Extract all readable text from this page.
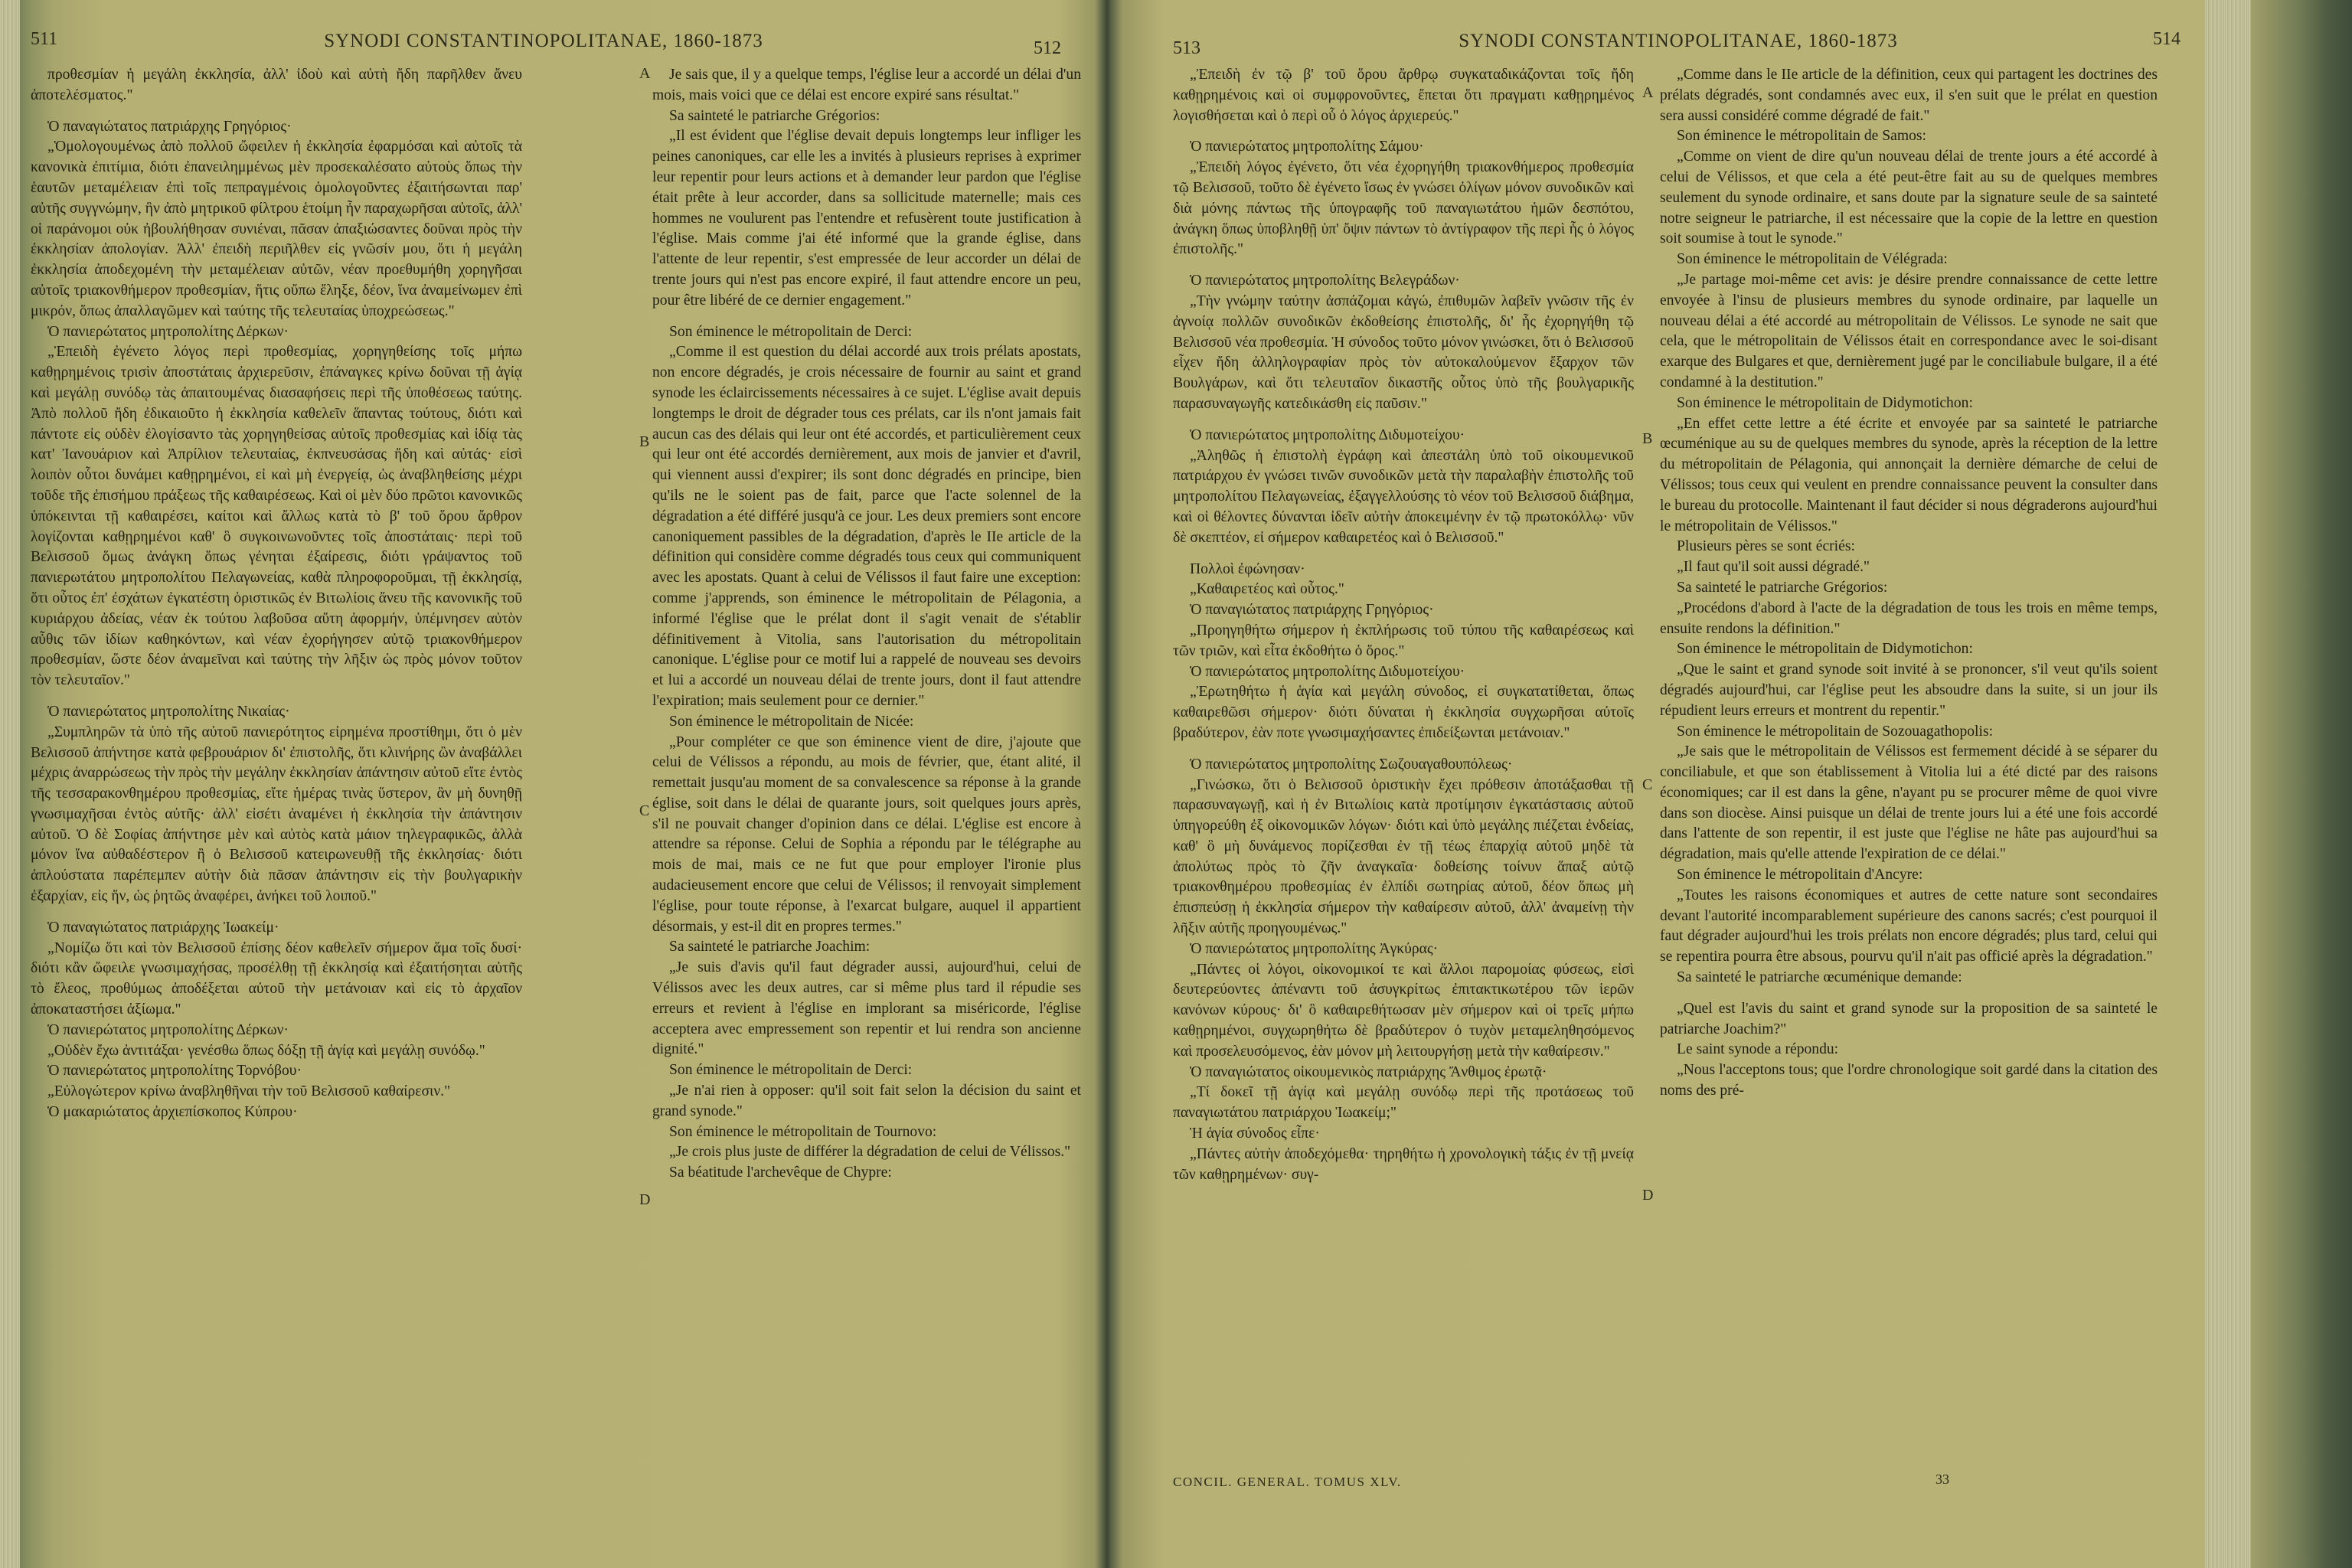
511	SYNODI CONSTANTINOPOLITANAE, 1860-1873	512

προθεσμίαν ἡ μεγάλη ἐκκλησία, ἀλλ' ἰδοὺ καὶ αὐτὴ ἤδη παρῆλθεν ἄνευ ἀποτελέσματος."

Ὁ παναγιώτατος πατριάρχης Γρηγόριος·

„Ὁμολογουμένως ἀπὸ πολλοῦ ὤφειλεν ἡ ἐκκλησία ἐφαρμόσαι καὶ αὐτοῖς τὰ κανονικὰ ἐπιτίμια, διότι ἐπανειλημμένως μὲν προσεκαλέσατο αὐτοὺς ὅπως τὴν ἑαυτῶν μεταμέλειαν ἐπὶ τοῖς πεπραγμένοις ὁμολογοῦντες ἐξαιτήσωνται παρ' αὐτῆς συγγνώμην, ἣν ἀπὸ μητρικοῦ φίλτρου ἑτοίμη ἦν παραχωρῆσαι αὐτοῖς, ἀλλ' οἱ παράνομοι οὐκ ἠβουλήθησαν συνιέναι, πᾶσαν ἀπαξιώσαντες δοῦναι πρὸς τὴν ἐκκλησίαν ἀπολογίαν. Ἀλλ' ἐπειδὴ περιῆλθεν εἰς γνῶσίν μου, ὅτι ἡ μεγάλη ἐκκλησία ἀποδεχομένη τὴν μεταμέλειαν αὐτῶν, νέαν προεθυμήθη χορηγῆσαι αὐτοῖς τριακονθήμερον προθεσμίαν, ἥτις οὔπω ἔληξε, δέον, ἵνα ἀναμείνωμεν ἐπὶ μικρόν, ὅπως ἀπαλλαγῶμεν καὶ ταύτης τῆς τελευταίας ὑποχρεώσεως."

Ὁ πανιερώτατος μητροπολίτης Δέρκων·

„Ἐπειδὴ ἐγένετο λόγος περὶ προθεσμίας, χορηγηθείσης τοῖς μήπω καθῃρημένοις τρισὶν ἀποστάταις ἀρχιερεῦσιν, ἐπάναγκες κρίνω δοῦναι τῇ ἁγίᾳ καὶ μεγάλῃ συνόδῳ τὰς ἀπαιτουμένας διασαφήσεις περὶ τῆς ὑποθέσεως ταύτης. Ἀπὸ πολλοῦ ἤδη ἐδικαιοῦτο ἡ ἐκκλησία καθελεῖν ἅπαντας τούτους, διότι καὶ πάντοτε εἰς οὐδὲν ἐλογίσαντο τὰς χορηγηθείσας αὐτοῖς προθεσμίας καὶ ἰδίᾳ τὰς κατ' Ἰανουάριον καὶ Ἀπρίλιον τελευταίας, ἐκπνευσάσας ἤδη καὶ αὐτάς· εἰσὶ λοιπὸν οὗτοι δυνάμει καθῃρημένοι, εἰ καὶ μὴ ἐνεργείᾳ, ὡς ἀναβληθείσης μέχρι τοῦδε τῆς ἐπισήμου πράξεως τῆς καθαιρέσεως. Καὶ οἱ μὲν δύο πρῶτοι κανονικῶς ὑπόκεινται τῇ καθαιρέσει, καίτοι καὶ ἄλλως κατὰ τὸ β' τοῦ ὅρου ἄρθρον λογίζονται καθῃρημένοι καθ' ὃ συγκοινωνοῦντες τοῖς ἀποστάταις· περὶ τοῦ Βελισσοῦ ὅμως ἀνάγκη ὅπως γένηται ἐξαίρεσις, διότι γράψαντος τοῦ πανιερωτάτου μητροπολίτου Πελαγωνείας, καθὰ πληροφοροῦμαι, τῇ ἐκκλησίᾳ, ὅτι οὗτος ἐπ' ἐσχάτων ἐγκατέστη ὁριστικῶς ἐν Βιτωλίοις ἄνευ τῆς κανονικῆς τοῦ κυριάρχου ἀδείας, νέαν ἐκ τούτου λαβοῦσα αὕτη ἀφορμήν, ὑπέμνησεν αὐτὸν αὖθις τῶν ἰδίων καθηκόντων, καὶ νέαν ἐχορήγησεν αὐτῷ τριακονθήμερον προθεσμίαν, ὥστε δέον ἀναμεῖναι καὶ ταύτης τὴν λῆξιν ὡς πρὸς μόνον τοῦτον τὸν τελευταῖον."

Ὁ πανιερώτατος μητροπολίτης Νικαίας·

„Συμπληρῶν τὰ ὑπὸ τῆς αὐτοῦ πανιερότητος εἰρημένα προστίθημι, ὅτι ὁ μὲν Βελισσοῦ ἀπήντησε κατὰ φεβρουάριον δι' ἐπιστολῆς, ὅτι κλινήρης ὢν ἀναβάλλει μέχρις ἀναρρώσεως τὴν πρὸς τὴν μεγάλην ἐκκλησίαν ἀπάντησιν αὐτοῦ εἴτε ἐντὸς τῆς τεσσαρακονθημέρου προθεσμίας, εἴτε ἡμέρας τινὰς ὕστερον, ἂν μὴ δυνηθῇ γνωσιμαχῆσαι ἐντὸς αὐτῆς· ἀλλ' εἰσέτι ἀναμένει ἡ ἐκκλησία τὴν ἀπάντησιν αὐτοῦ. Ὁ δὲ Σοφίας ἀπήντησε μὲν καὶ αὐτὸς κατὰ μάιον τηλεγραφικῶς, ἀλλὰ μόνον ἵνα αὐθαδέστερον ἢ ὁ Βελισσοῦ κατειρωνευθῇ τῆς ἐκκλησίας· διότι ἀπλούστατα παρέπεμπεν αὐτὴν διὰ πᾶσαν ἀπάντησιν εἰς τὴν βουλγαρικὴν ἐξαρχίαν, εἰς ἥν, ὡς ῥητῶς ἀναφέρει, ἀνήκει τοῦ λοιποῦ."

Ὁ παναγιώτατος πατριάρχης Ἰωακείμ·

„Νομίζω ὅτι καὶ τὸν Βελισσοῦ ἐπίσης δέον καθελεῖν σήμερον ἅμα τοῖς δυσί· διότι κἂν ὤφειλε γνωσιμαχήσας, προσέλθῃ τῇ ἐκκλησίᾳ καὶ ἐξαιτήσηται αὐτῆς τὸ ἔλεος, προθύμως ἀποδέξεται αὐτοῦ τὴν μετάνοιαν καὶ εἰς τὸ ἀρχαῖον ἀποκαταστήσει ἀξίωμα."

Ὁ πανιερώτατος μητροπολίτης Δέρκων·

„Οὐδὲν ἔχω ἀντιτάξαι· γενέσθω ὅπως δόξῃ τῇ ἁγίᾳ καὶ μεγάλῃ συνόδῳ."

Ὁ πανιερώτατος μητροπολίτης Τορνόβου·

„Εὐλογώτερον κρίνω ἀναβληθῆναι τὴν τοῦ Βελισσοῦ καθαίρεσιν."

Ὁ μακαριώτατος ἀρχιεπίσκοπος Κύπρου·

A
B
C
D

Je sais que, il y a quelque temps, l'église leur a accordé un délai d'un mois, mais voici que ce délai est encore expiré sans résultat."

Sa sainteté le patriarche Grégorios:

„Il est évident que l'église devait depuis longtemps leur infliger les peines canoniques, car elle les a invités à plusieurs reprises à exprimer leur repentir pour leurs actions et à demander leur pardon que l'église était prête à leur accorder, dans sa sollicitude maternelle; mais ces hommes ne voulurent pas l'entendre et refusèrent toute justification à l'église. Mais comme j'ai été informé que la grande église, dans l'attente de leur repentir, s'est empressée de leur accorder un délai de trente jours qui n'est pas encore expiré, il faut attendre encore un peu, pour être libéré de ce dernier engagement."

Son éminence le métropolitain de Derci:

„Comme il est question du délai accordé aux trois prélats apostats, non encore dégradés, je crois nécessaire de fournir au saint et grand synode les éclaircissements nécessaires à ce sujet. L'église avait depuis longtemps le droit de dégrader tous ces prélats, car ils n'ont jamais fait aucun cas des délais qui leur ont été accordés, et particulièrement ceux qui leur ont été accordés dernièrement, aux mois de janvier et d'avril, qui viennent aussi d'expirer; ils sont donc dégradés en principe, bien qu'ils ne le soient pas de fait, parce que l'acte solennel de la dégradation a été différé jusqu'à ce jour. Les deux premiers sont encore canoniquement passibles de la dégradation, d'après le IIe article de la définition qui considère comme dégradés tous ceux qui communiquent avec les apostats. Quant à celui de Vélissos il faut faire une exception: comme j'apprends, son éminence le métropolitain de Pélagonia, a informé l'église que le prélat dont il s'agit venait de s'établir définitivement à Vitolia, sans l'autorisation du métropolitain canonique. L'église pour ce motif lui a rappelé de nouveau ses devoirs et lui a accordé un nouveau délai de trente jours, dont il faut attendre l'expiration; mais seulement pour ce dernier."

Son éminence le métropolitain de Nicée:

„Pour compléter ce que son éminence vient de dire, j'ajoute que celui de Vélissos a répondu, au mois de février, que, étant alité, il remettait jusqu'au moment de sa convalescence sa réponse à la grande église, soit dans le délai de quarante jours, soit quelques jours après, s'il ne pouvait changer d'opinion dans ce délai. L'église est encore à attendre sa réponse. Celui de Sophia a répondu par le télégraphe au mois de mai, mais ce ne fut que pour employer l'ironie plus audacieusement encore que celui de Vélissos; il renvoyait simplement l'église, pour toute réponse, à l'exarcat bulgare, auquel il appartient désormais, y est-il dit en propres termes."

Sa sainteté le patriarche Joachim:

„Je suis d'avis qu'il faut dégrader aussi, aujourd'hui, celui de Vélissos avec les deux autres, car si même plus tard il répudie ses erreurs et revient à l'église en implorant sa miséricorde, l'église acceptera avec empressement son repentir et lui rendra son ancienne dignité."

Son éminence le métropolitain de Derci:

„Je n'ai rien à opposer: qu'il soit fait selon la décision du saint et grand synode."

Son éminence le métropolitain de Tournovo:

„Je crois plus juste de différer la dégradation de celui de Vélissos."

Sa béatitude l'archevêque de Chypre:

513	SYNODI CONSTANTINOPOLITANAE, 1860-1873	514

„Ἐπειδὴ ἐν τῷ β' τοῦ ὅρου ἄρθρῳ συγκαταδικάζονται τοῖς ἤδη καθῃρημένοις καὶ οἱ συμφρονοῦντες, ἔπεται ὅτι πραγματι καθῃρημένος λογισθήσεται καὶ ὁ περὶ οὗ ὁ λόγος ἀρχιερεύς."

Ὁ πανιερώτατος μητροπολίτης Σάμου·

„Ἐπειδὴ λόγος ἐγένετο, ὅτι νέα ἐχορηγήθη τριακονθήμερος προθεσμία τῷ Βελισσοῦ, τοῦτο δὲ ἐγένετο ἴσως ἐν γνώσει ὀλίγων μόνον συνοδικῶν καὶ διὰ μόνης πάντως τῆς ὑπογραφῆς τοῦ παναγιωτάτου ἡμῶν δεσπότου, ἀνάγκη ὅπως ὑποβληθῇ ὑπ' ὄψιν πάντων τὸ ἀντίγραφον τῆς περὶ ἧς ὁ λόγος ἐπιστολῆς."

Ὁ πανιερώτατος μητροπολίτης Βελεγράδων·

„Τὴν γνώμην ταύτην ἀσπάζομαι κἀγώ, ἐπιθυμῶν λαβεῖν γνῶσιν τῆς ἐν ἀγνοίᾳ πολλῶν συνοδικῶν ἐκδοθείσης ἐπιστολῆς, δι' ἧς ἐχορηγήθη τῷ Βελισσοῦ νέα προθεσμία. Ἡ σύνοδος τοῦτο μόνον γινώσκει, ὅτι ὁ Βελισσοῦ εἶχεν ἤδη ἀλληλογραφίαν πρὸς τὸν αὐτοκαλούμενον ἔξαρχον τῶν Βουλγάρων, καὶ ὅτι τελευταῖον δικαστῆς οὗτος ὑπὸ τῆς βουλγαρικῆς παρασυναγωγῆς κατεδικάσθη εἰς παῦσιν."

Ὁ πανιερώτατος μητροπολίτης Διδυμοτείχου·

„Ἀληθῶς ἡ ἐπιστολὴ ἐγράφη καὶ ἀπεστάλη ὑπὸ τοῦ οἰκουμενικοῦ πατριάρχου ἐν γνώσει τινῶν συνοδικῶν μετὰ τὴν παραλαβὴν ἐπιστολῆς τοῦ μητροπολίτου Πελαγωνείας, ἐξαγγελλούσης τὸ νέον τοῦ Βελισσοῦ διάβημα, καὶ οἱ θέλοντες δύνανται ἰδεῖν αὐτὴν ἀποκειμένην ἐν τῷ πρωτοκόλλῳ· νῦν δὲ σκεπτέον, εἰ σήμερον καθαιρετέος καὶ ὁ Βελισσοῦ."

Πολλοὶ ἐφώνησαν·

„Καθαιρετέος καὶ οὗτος."

Ὁ παναγιώτατος πατριάρχης Γρηγόριος·

„Προηγηθήτω σήμερον ἡ ἐκπλήρωσις τοῦ τύπου τῆς καθαιρέσεως καὶ τῶν τριῶν, καὶ εἶτα ἐκδοθήτω ὁ ὅρος."

Ὁ πανιερώτατος μητροπολίτης Διδυμοτείχου·

„Ἐρωτηθήτω ἡ ἁγία καὶ μεγάλη σύνοδος, εἰ συγκατατίθεται, ὅπως καθαιρεθῶσι σήμερον· διότι δύναται ἡ ἐκκλησία συγχωρῆσαι αὐτοῖς βραδύτερον, ἐὰν ποτε γνωσιμαχήσαντες ἐπιδείξωνται μετάνοιαν."

Ὁ πανιερώτατος μητροπολίτης Σωζουαγαθουπόλεως·

„Γινώσκω, ὅτι ὁ Βελισσοῦ ὁριστικὴν ἔχει πρόθεσιν ἀποτάξασθαι τῇ παρασυναγωγῇ, καὶ ἡ ἐν Βιτωλίοις κατὰ προτίμησιν ἐγκατάστασις αὐτοῦ ὑπηγορεύθη ἐξ οἰκονομικῶν λόγων· διότι καὶ ὑπὸ μεγάλης πιέζεται ἐνδείας, καθ' ὃ μὴ δυνάμενος πορίζεσθαι ἐν τῇ τέως ἐπαρχίᾳ αὐτοῦ μηδὲ τὰ ἀπολύτως πρὸς τὸ ζῆν ἀναγκαῖα· δοθείσης τοίνυν ἅπαξ αὐτῷ τριακονθημέρου προθεσμίας ἐν ἐλπίδι σωτηρίας αὐτοῦ, δέον ὅπως μὴ ἐπισπεύσῃ ἡ ἐκκλησία σήμερον τὴν καθαίρεσιν αὐτοῦ, ἀλλ' ἀναμείνῃ τὴν λῆξιν αὐτῆς προηγουμένως."

Ὁ πανιερώτατος μητροπολίτης Ἀγκύρας·

„Πάντες οἱ λόγοι, οἰκονομικοί τε καὶ ἄλλοι παρομοίας φύσεως, εἰσὶ δευτερεύοντες ἀπέναντι τοῦ ἀσυγκρίτως ἐπιτακτικωτέρου τῶν ἱερῶν κανόνων κύρους· δι' ὃ καθαιρεθήτωσαν μὲν σήμερον καὶ οἱ τρεῖς μήπω καθῃρημένοι, συγχωρηθήτω δὲ βραδύτερον ὁ τυχὸν μεταμεληθησόμενος καὶ προσελευσόμενος, ἐὰν μόνον μὴ λειτουργήσῃ μετὰ τὴν καθαίρεσιν."

Ὁ παναγιώτατος οἰκουμενικὸς πατριάρχης Ἄνθιμος ἐρωτᾷ·

„Τί δοκεῖ τῇ ἁγίᾳ καὶ μεγάλῃ συνόδῳ περὶ τῆς προτάσεως τοῦ παναγιωτάτου πατριάρχου Ἰωακείμ;"

Ἡ ἁγία σύνοδος εἶπε·

„Πάντες αὐτὴν ἀποδεχόμεθα· τηρηθήτω ἡ χρονολογικὴ τάξις ἐν τῇ μνείᾳ τῶν καθῃρημένων· συγ-

A
B
C
D

„Comme dans le IIe article de la définition, ceux qui partagent les doctrines des prélats dégradés, sont condamnés avec eux, il s'en suit que le prélat en question sera aussi considéré comme dégradé de fait."

Son éminence le métropolitain de Samos:

„Comme on vient de dire qu'un nouveau délai de trente jours a été accordé à celui de Vélissos, et que cela a été peut-être fait au su de quelques membres seulement du synode ordinaire, et sans doute par la signature seule de sa sainteté notre seigneur le patriarche, il est nécessaire que la copie de la lettre en question soit soumise à tout le synode."

Son éminence le métropolitain de Vélégrada:

„Je partage moi-même cet avis: je désire prendre connaissance de cette lettre envoyée à l'insu de plusieurs membres du synode ordinaire, par laquelle un nouveau délai a été accordé au métropolitain de Vélissos. Le synode ne sait que cela, que le métropolitain de Vélissos était en correspondance avec le soi-disant exarque des Bulgares et que, dernièrement jugé par le conciliabule bulgare, il a été condamné à la destitution."

Son éminence le métropolitain de Didymotichon:

„En effet cette lettre a été écrite et envoyée par sa sainteté le patriarche œcuménique au su de quelques membres du synode, après la réception de la lettre du métropolitain de Pélagonia, qui annonçait la dernière démarche de celui de Vélissos; tous ceux qui veulent en prendre connaissance peuvent la consulter dans le bureau du protocolle. Maintenant il faut décider si nous dégraderons aujourd'hui le métropolitain de Vélissos."

Plusieurs pères se sont écriés:

„Il faut qu'il soit aussi dégradé."

Sa sainteté le patriarche Grégorios:

„Procédons d'abord à l'acte de la dégradation de tous les trois en même temps, ensuite rendons la définition."

Son éminence le métropolitain de Didymotichon:

„Que le saint et grand synode soit invité à se prononcer, s'il veut qu'ils soient dégradés aujourd'hui, car l'église peut les absoudre dans la suite, si un jour ils répudient leurs erreurs et montrent du repentir."

Son éminence le métropolitain de Sozouagathopolis:

„Je sais que le métropolitain de Vélissos est fermement décidé à se séparer du conciliabule, et que son établissement à Vitolia lui a été dicté par des raisons économiques; car il est dans la gêne, n'ayant pu se procurer même de quoi vivre dans son diocèse. Ainsi puisque un délai de trente jours lui a été une fois accordé dans l'attente de son repentir, il est juste que l'église ne hâte pas aujourd'hui sa dégradation, mais qu'elle attende l'expiration de ce délai."

Son éminence le métropolitain d'Ancyre:

„Toutes les raisons économiques et autres de cette nature sont secondaires devant l'autorité incomparablement supérieure des canons sacrés; c'est pourquoi il faut dégrader aujourd'hui les trois prélats non encore dégradés; plus tard, celui qui se repentira pourra être absous, pourvu qu'il n'ait pas officié après la dégradation."

Sa sainteté le patriarche œcuménique demande:

„Quel est l'avis du saint et grand synode sur la proposition de sa sainteté le patriarche Joachim?"

Le saint synode a répondu:

„Nous l'acceptons tous; que l'ordre chronologique soit gardé dans la citation des noms des pré-

CONCIL. GENERAL. TOMUS XLV.	33
